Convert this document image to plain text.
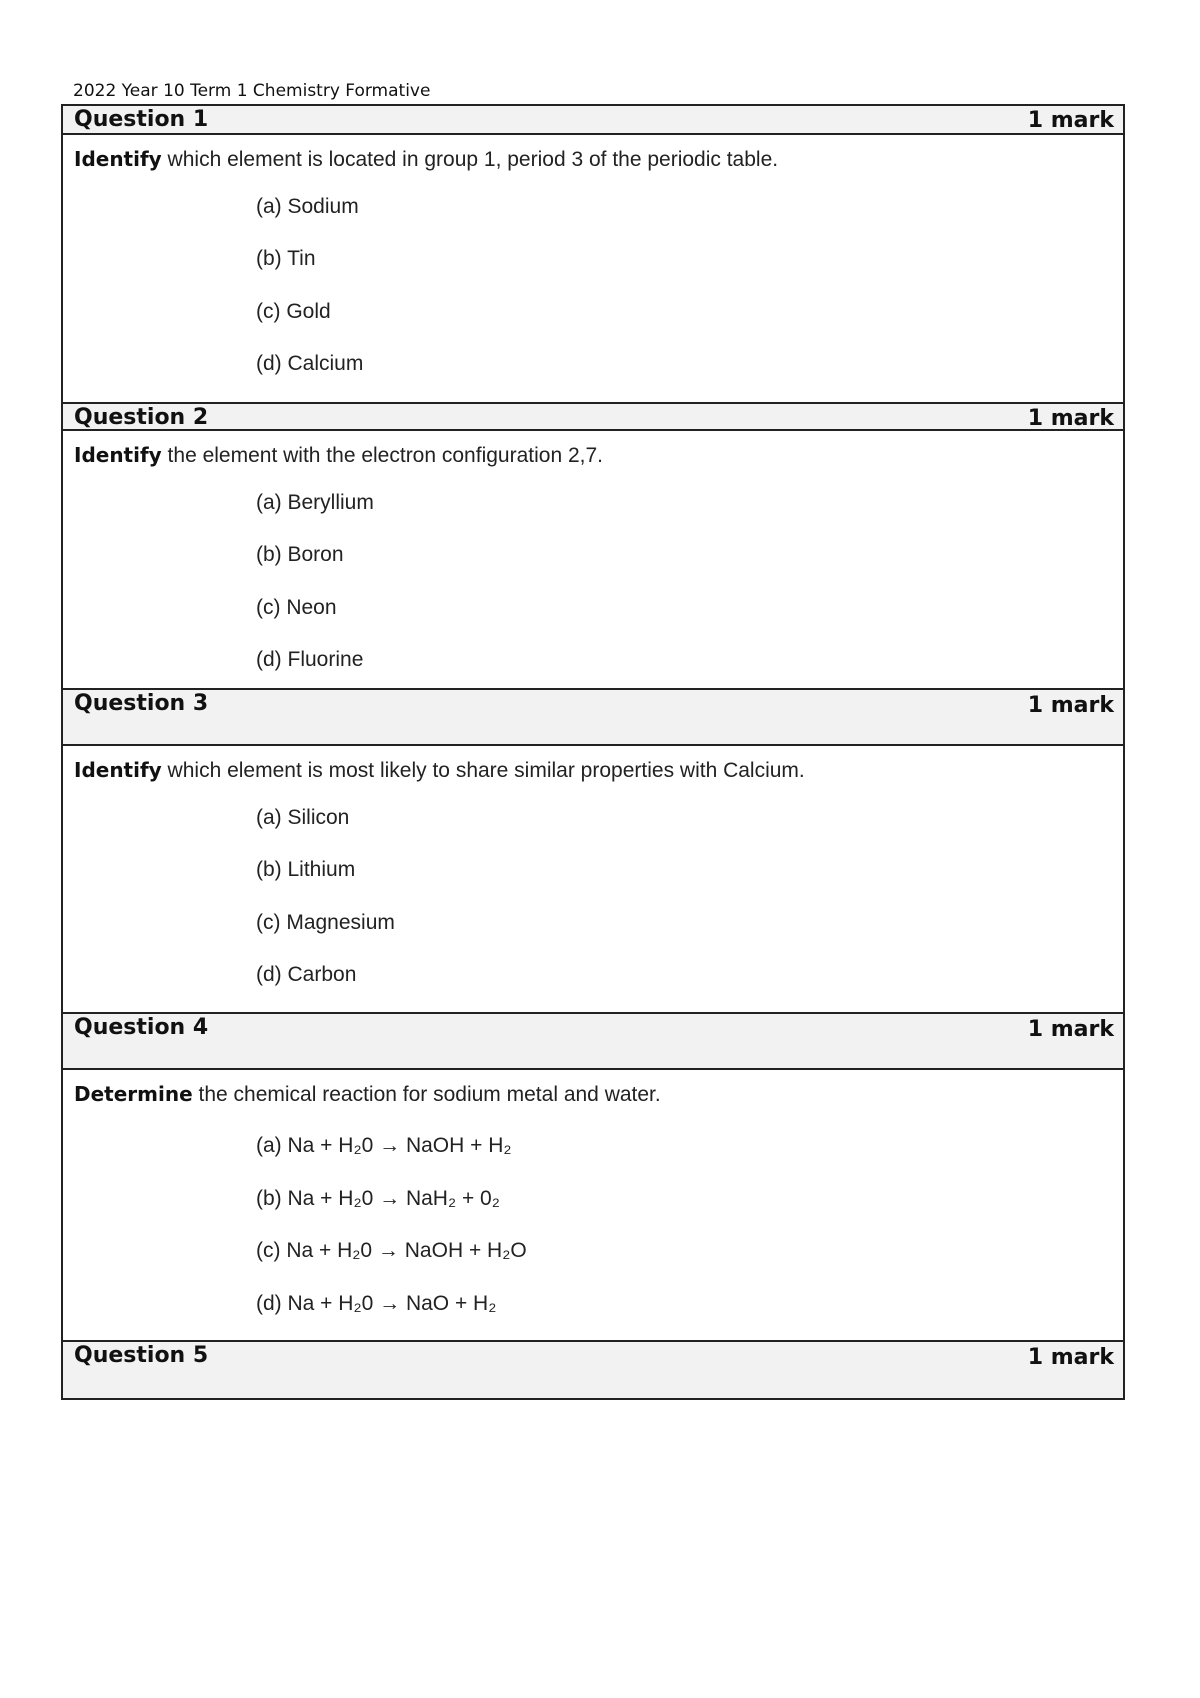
2022 Year 10 Term 1 Chemistry Formative
Question 1	1 mark
Identify which element is located in group 1, period 3 of the periodic table.
(a) Sodium
(b) Tin
(c) Gold
(d) Calcium
Question 2	1 mark
Identify the element with the electron configuration 2,7.
(a) Beryllium
(b) Boron
(c) Neon
(d) Fluorine
Question 3	1 mark
Identify which element is most likely to share similar properties with Calcium.
(a) Silicon
(b) Lithium
(c) Magnesium
(d) Carbon
Question 4	1 mark
Determine the chemical reaction for sodium metal and water.
(a) Na + H₂0 → NaOH + H₂
(b) Na + H₂0 → NaH₂ + 0₂
(c) Na + H₂0 → NaOH + H₂O
(d) Na + H₂0 → NaO + H₂
Question 5	1 mark
